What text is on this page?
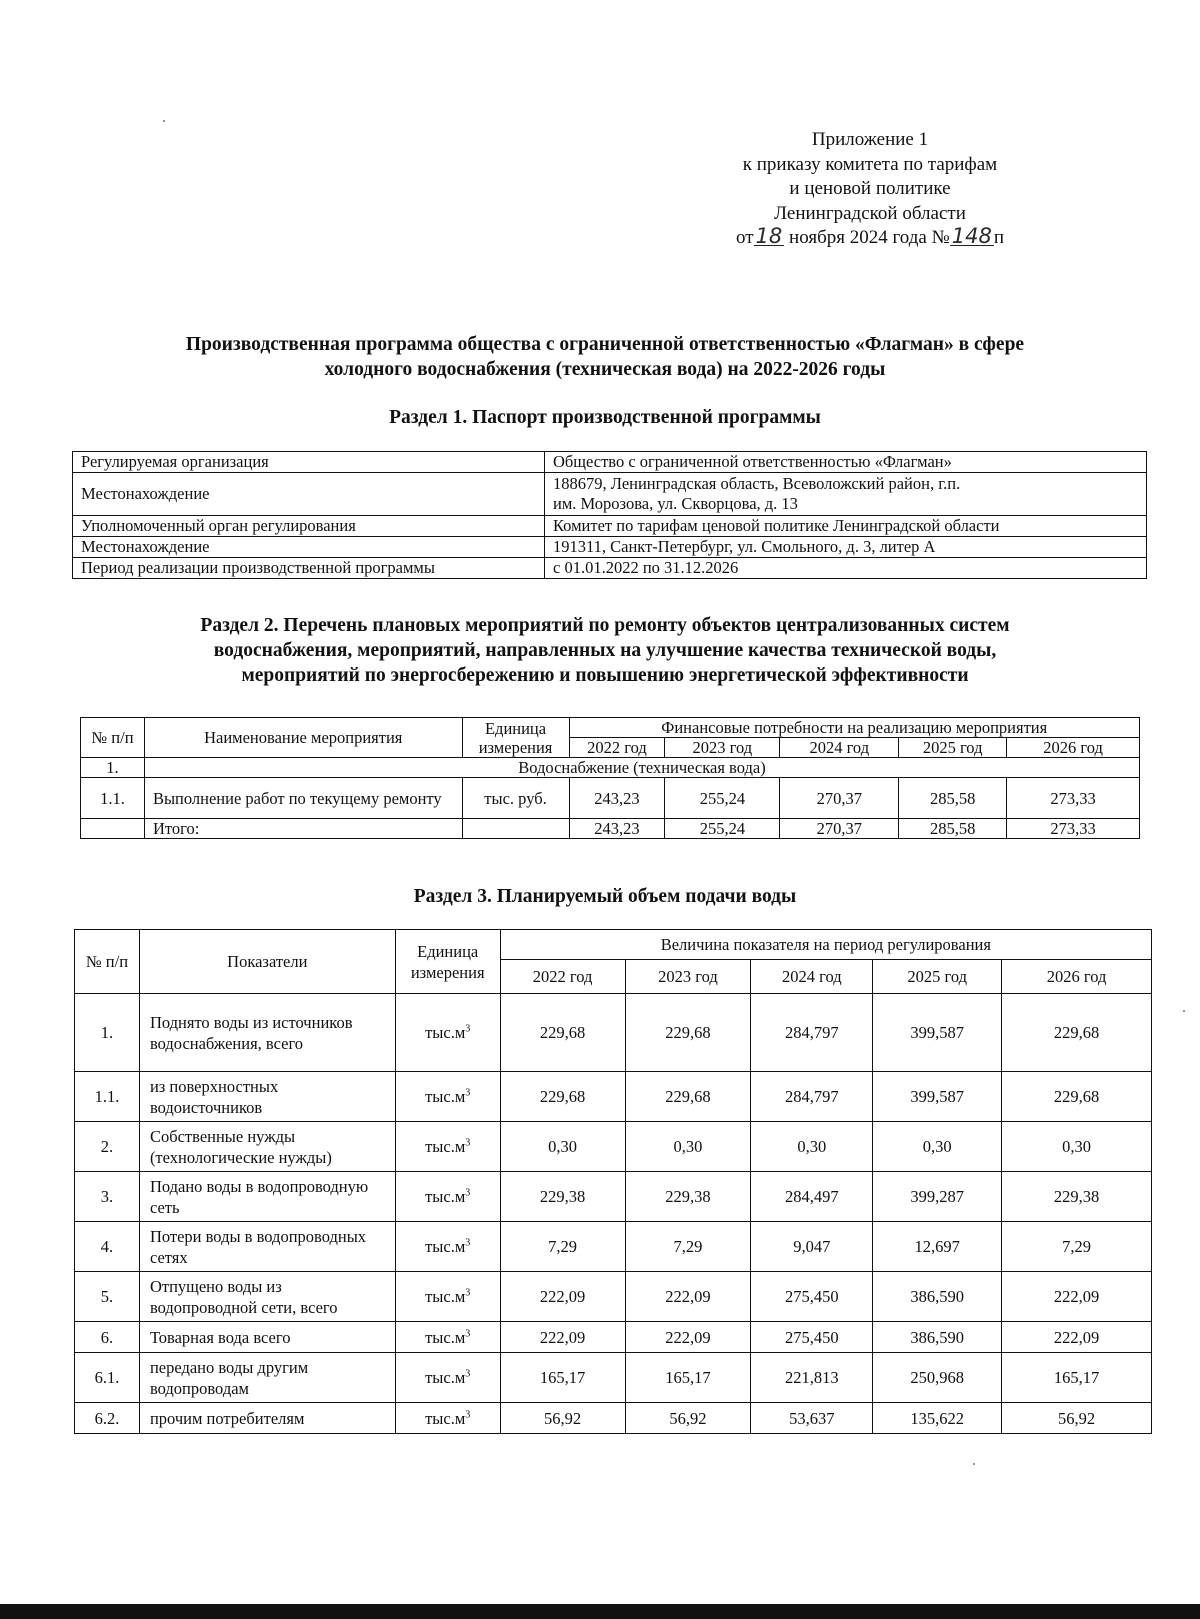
Приложение 1
к приказу комитета по тарифам
и ценовой политике
Ленинградской области
от18 ноября 2024 года №148 п
Производственная программа общества с ограниченной ответственностью «Флагман» в сфере
холодного водоснабжения (техническая вода) на 2022-2026 годы
Раздел 1. Паспорт производственной программы
Регулируемая организация	Общество с ограниченной ответственностью «Флагман»
Местонахождение	188679, Ленинградская область, Всеволожский район, г.п.
им. Морозова, ул. Скворцова, д. 13

Уполномоченный орган регулирования	Комитет по тарифам ценовой политике Ленинградской области
Местонахождение	191311, Санкт-Петербург, ул. Смольного, д. 3, литер А
Период реализации производственной программы	с 01.01.2022 по 31.12.2026
Раздел 2. Перечень плановых мероприятий по ремонту объектов централизованных систем
водоснабжения, мероприятий, направленных на улучшение качества технической воды,
мероприятий по энергосбережению и повышению энергетической эффективности
№ п/п	Наименование мероприятия	Единица измерения	Финансовые потребности на реализацию мероприятия				
			2022 год	2023 год	2024 год	2025 год	2026 год
1.	Водоснабжение (техническая вода)						
1.1.	Выполнение работ по текущему ремонту	тыс. руб.	243,23	255,24	270,37	285,58	273,33
	Итого:		243,23	255,24	270,37	285,58	273,33
Раздел 3. Планируемый объем подачи воды
№ п/п	Показатели	Единица измерения	Величина показателя на период регулирования				
			2022 год	2023 год	2024 год	2025 год	2026 год
1.	Поднято воды из источников водоснабжения, всего	$тыс.м^3$	229,68	229,68	284,797	399,587	229,68
1.1.	из поверхностных водоисточников	$тыс.м^3$	229,68	229,68	284,797	399,587	229,68
2.	Собственные нужды (технологические нужды)	$тыс.м^3$	0,30	0,30	0,30	0,30	0,30
3.	Подано воды в водопроводную сеть	$тыс.м^3$	229,38	229,38	284,497	399,287	229,38
4.	Потери воды в водопроводных сетях	$тыс.м^3$	7,29	7,29	9,047	12,697	7,29
5.	Отпущено воды из водопроводной сети, всего	$тыс.м^3$	222,09	222,09	275,450	386,590	222,09
6.	Товарная вода всего	$тыс.м^3$	222,09	222,09	275,450	386,590	222,09
6.1.	передано воды другим водопроводам	$тыс.м^3$	165,17	165,17	221,813	250,968	165,17
6.2.	прочим потребителям	$тыс.м^3$	56,92	56,92	53,637	135,622	56,92
